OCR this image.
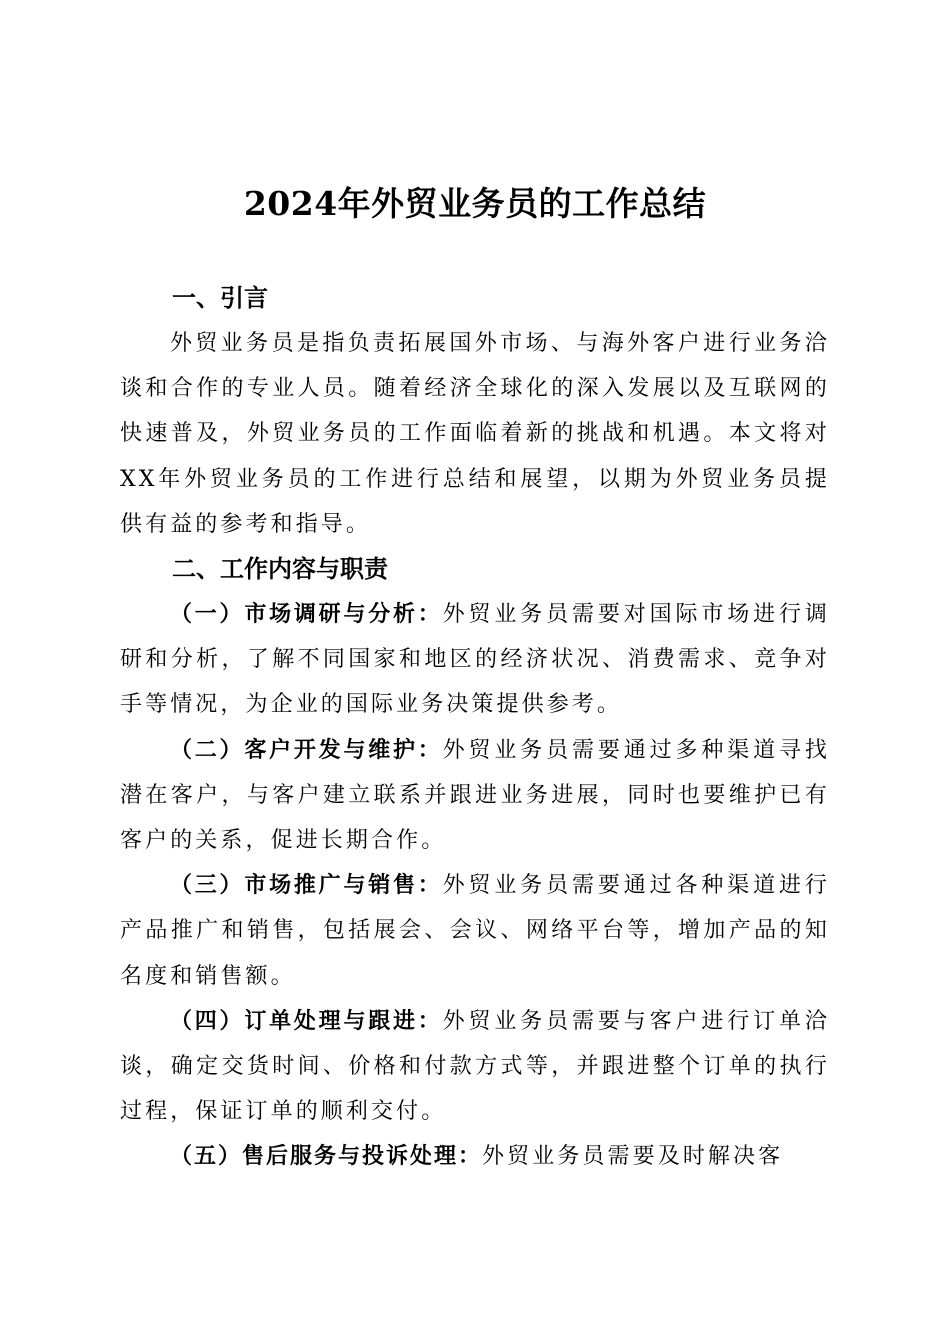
2024年外贸业务员的工作总结

一、引言

外贸业务员是指负责拓展国外市场、与海外客户进行业务洽谈和合作的专业人员。随着经济全球化的深入发展以及互联网的快速普及，外贸业务员的工作面临着新的挑战和机遇。本文将对XX年外贸业务员的工作进行总结和展望，以期为外贸业务员提供有益的参考和指导。

二、工作内容与职责

（一）市场调研与分析：外贸业务员需要对国际市场进行调研和分析，了解不同国家和地区的经济状况、消费需求、竞争对手等情况，为企业的国际业务决策提供参考。

（二）客户开发与维护：外贸业务员需要通过多种渠道寻找潜在客户，与客户建立联系并跟进业务进展，同时也要维护已有客户的关系，促进长期合作。

（三）市场推广与销售：外贸业务员需要通过各种渠道进行产品推广和销售，包括展会、会议、网络平台等，增加产品的知名度和销售额。

（四）订单处理与跟进：外贸业务员需要与客户进行订单洽谈，确定交货时间、价格和付款方式等，并跟进整个订单的执行过程，保证订单的顺利交付。

（五）售后服务与投诉处理：外贸业务员需要及时解决客
